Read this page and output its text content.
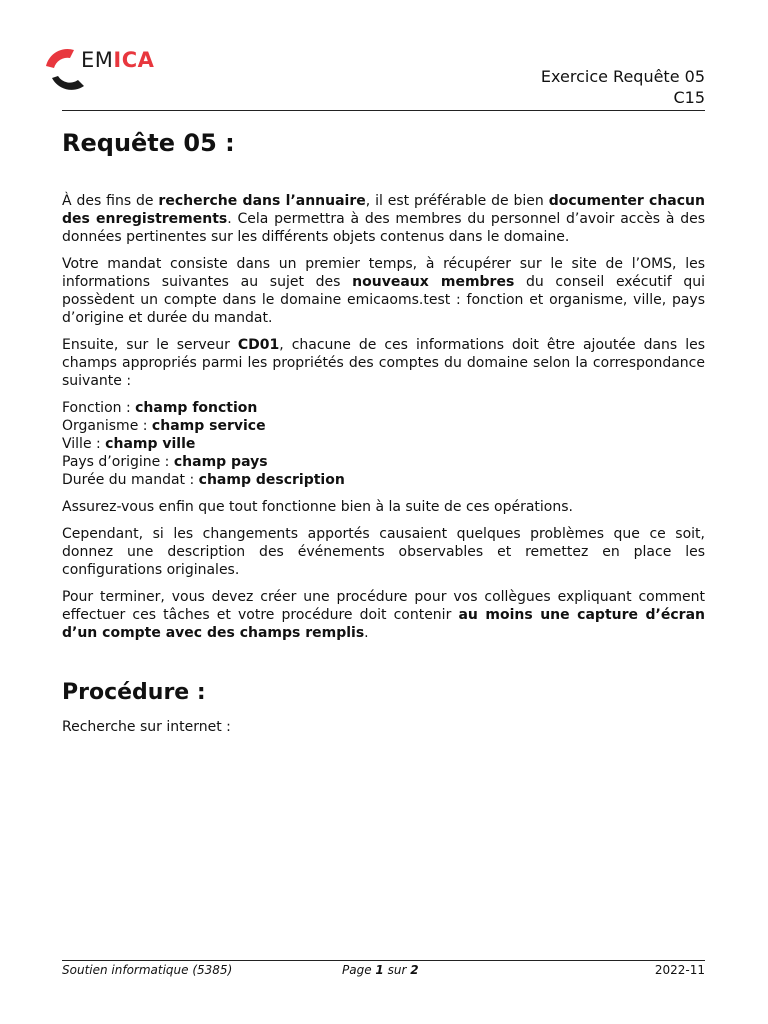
EMICA
Exercice Requête 05
C15
Requête 05 :

À des fins de recherche dans l’annuaire, il est préférable de bien documenter chacun des enregistrements. Cela permettra à des membres du personnel d’avoir accès à des données pertinentes sur les différents objets contenus dans le domaine.

Votre mandat consiste dans un premier temps, à récupérer sur le site de l’OMS, les informations suivantes au sujet des nouveaux membres du conseil exécutif qui possèdent un compte dans le domaine emicaoms.test : fonction et organisme, ville, pays d’origine et durée du mandat.

Ensuite, sur le serveur CD01, chacune de ces informations doit être ajoutée dans les champs appropriés parmi les propriétés des comptes du domaine selon la correspondance suivante :

Fonction : champ fonction
Organisme : champ service
Ville : champ ville
Pays d’origine : champ pays
Durée du mandat : champ description

Assurez-vous enfin que tout fonctionne bien à la suite de ces opérations.

Cependant, si les changements apportés causaient quelques problèmes que ce soit, donnez une description des événements observables et remettez en place les configurations originales.

Pour terminer, vous devez créer une procédure pour vos collègues expliquant comment effectuer ces tâches et votre procédure doit contenir au moins une capture d’écran d’un compte avec des champs remplis.

Procédure :

Recherche sur internet :

Soutien informatique (5385)	Page 1 sur 2	2022-11
